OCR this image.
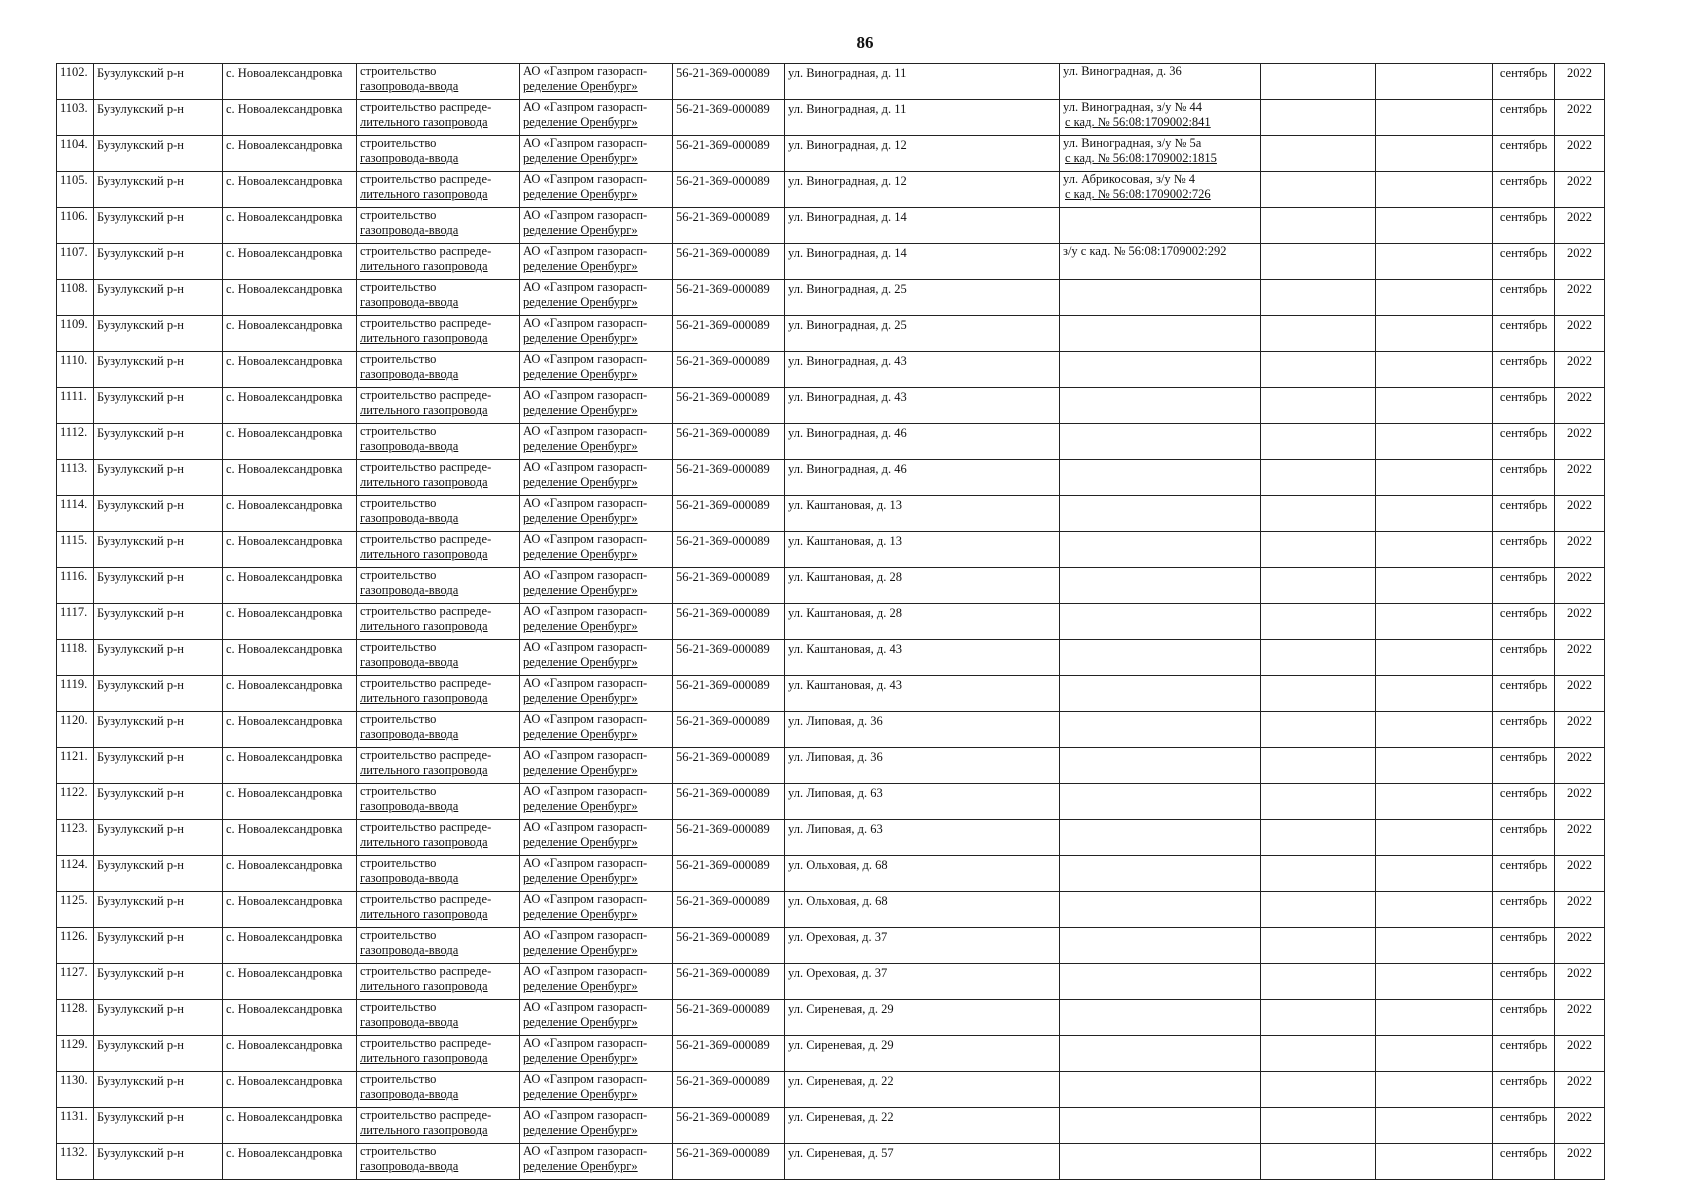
86
1102.	Бузулукский р-н	с. Новоалександровка	строительство
газопровода-ввода	АО «Газпром газорасп-
ределение Оренбург»	56-21-369-000089	ул. Виноградная, д. 11	ул. Виноградная, д. 36			сентябрь	2022
1103.	Бузулукский р-н	с. Новоалександровка	строительство распреде-
лительного газопровода	АО «Газпром газорасп-
ределение Оренбург»	56-21-369-000089	ул. Виноградная, д. 11	ул. Виноградная, з/у № 44
с кад. № 56:08:1709002:841			сентябрь	2022
1104.	Бузулукский р-н	с. Новоалександровка	строительство
газопровода-ввода	АО «Газпром газорасп-
ределение Оренбург»	56-21-369-000089	ул. Виноградная, д. 12	ул. Виноградная, з/у № 5а
с кад. № 56:08:1709002:1815			сентябрь	2022
1105.	Бузулукский р-н	с. Новоалександровка	строительство распреде-
лительного газопровода	АО «Газпром газорасп-
ределение Оренбург»	56-21-369-000089	ул. Виноградная, д. 12	ул. Абрикосовая, з/у № 4
с кад. № 56:08:1709002:726			сентябрь	2022
1106.	Бузулукский р-н	с. Новоалександровка	строительство
газопровода-ввода	АО «Газпром газорасп-
ределение Оренбург»	56-21-369-000089	ул. Виноградная, д. 14				сентябрь	2022
1107.	Бузулукский р-н	с. Новоалександровка	строительство распреде-
лительного газопровода	АО «Газпром газорасп-
ределение Оренбург»	56-21-369-000089	ул. Виноградная, д. 14	з/у с кад. № 56:08:1709002:292			сентябрь	2022
1108.	Бузулукский р-н	с. Новоалександровка	строительство
газопровода-ввода	АО «Газпром газорасп-
ределение Оренбург»	56-21-369-000089	ул. Виноградная, д. 25				сентябрь	2022
1109.	Бузулукский р-н	с. Новоалександровка	строительство распреде-
лительного газопровода	АО «Газпром газорасп-
ределение Оренбург»	56-21-369-000089	ул. Виноградная, д. 25				сентябрь	2022
1110.	Бузулукский р-н	с. Новоалександровка	строительство
газопровода-ввода	АО «Газпром газорасп-
ределение Оренбург»	56-21-369-000089	ул. Виноградная, д. 43				сентябрь	2022
1111.	Бузулукский р-н	с. Новоалександровка	строительство распреде-
лительного газопровода	АО «Газпром газорасп-
ределение Оренбург»	56-21-369-000089	ул. Виноградная, д. 43				сентябрь	2022
1112.	Бузулукский р-н	с. Новоалександровка	строительство
газопровода-ввода	АО «Газпром газорасп-
ределение Оренбург»	56-21-369-000089	ул. Виноградная, д. 46				сентябрь	2022
1113.	Бузулукский р-н	с. Новоалександровка	строительство распреде-
лительного газопровода	АО «Газпром газорасп-
ределение Оренбург»	56-21-369-000089	ул. Виноградная, д. 46				сентябрь	2022
1114.	Бузулукский р-н	с. Новоалександровка	строительство
газопровода-ввода	АО «Газпром газорасп-
ределение Оренбург»	56-21-369-000089	ул. Каштановая, д. 13				сентябрь	2022
1115.	Бузулукский р-н	с. Новоалександровка	строительство распреде-
лительного газопровода	АО «Газпром газорасп-
ределение Оренбург»	56-21-369-000089	ул. Каштановая, д. 13				сентябрь	2022
1116.	Бузулукский р-н	с. Новоалександровка	строительство
газопровода-ввода	АО «Газпром газорасп-
ределение Оренбург»	56-21-369-000089	ул. Каштановая, д. 28				сентябрь	2022
1117.	Бузулукский р-н	с. Новоалександровка	строительство распреде-
лительного газопровода	АО «Газпром газорасп-
ределение Оренбург»	56-21-369-000089	ул. Каштановая, д. 28				сентябрь	2022
1118.	Бузулукский р-н	с. Новоалександровка	строительство
газопровода-ввода	АО «Газпром газорасп-
ределение Оренбург»	56-21-369-000089	ул. Каштановая, д. 43				сентябрь	2022
1119.	Бузулукский р-н	с. Новоалександровка	строительство распреде-
лительного газопровода	АО «Газпром газорасп-
ределение Оренбург»	56-21-369-000089	ул. Каштановая, д. 43				сентябрь	2022
1120.	Бузулукский р-н	с. Новоалександровка	строительство
газопровода-ввода	АО «Газпром газорасп-
ределение Оренбург»	56-21-369-000089	ул. Липовая, д. 36				сентябрь	2022
1121.	Бузулукский р-н	с. Новоалександровка	строительство распреде-
лительного газопровода	АО «Газпром газорасп-
ределение Оренбург»	56-21-369-000089	ул. Липовая, д. 36				сентябрь	2022
1122.	Бузулукский р-н	с. Новоалександровка	строительство
газопровода-ввода	АО «Газпром газорасп-
ределение Оренбург»	56-21-369-000089	ул. Липовая, д. 63				сентябрь	2022
1123.	Бузулукский р-н	с. Новоалександровка	строительство распреде-
лительного газопровода	АО «Газпром газорасп-
ределение Оренбург»	56-21-369-000089	ул. Липовая, д. 63				сентябрь	2022
1124.	Бузулукский р-н	с. Новоалександровка	строительство
газопровода-ввода	АО «Газпром газорасп-
ределение Оренбург»	56-21-369-000089	ул. Ольховая, д. 68				сентябрь	2022
1125.	Бузулукский р-н	с. Новоалександровка	строительство распреде-
лительного газопровода	АО «Газпром газорасп-
ределение Оренбург»	56-21-369-000089	ул. Ольховая, д. 68				сентябрь	2022
1126.	Бузулукский р-н	с. Новоалександровка	строительство
газопровода-ввода	АО «Газпром газорасп-
ределение Оренбург»	56-21-369-000089	ул. Ореховая, д. 37				сентябрь	2022
1127.	Бузулукский р-н	с. Новоалександровка	строительство распреде-
лительного газопровода	АО «Газпром газорасп-
ределение Оренбург»	56-21-369-000089	ул. Ореховая, д. 37				сентябрь	2022
1128.	Бузулукский р-н	с. Новоалександровка	строительство
газопровода-ввода	АО «Газпром газорасп-
ределение Оренбург»	56-21-369-000089	ул. Сиреневая, д. 29				сентябрь	2022
1129.	Бузулукский р-н	с. Новоалександровка	строительство распреде-
лительного газопровода	АО «Газпром газорасп-
ределение Оренбург»	56-21-369-000089	ул. Сиреневая, д. 29				сентябрь	2022
1130.	Бузулукский р-н	с. Новоалександровка	строительство
газопровода-ввода	АО «Газпром газорасп-
ределение Оренбург»	56-21-369-000089	ул. Сиреневая, д. 22				сентябрь	2022
1131.	Бузулукский р-н	с. Новоалександровка	строительство распреде-
лительного газопровода	АО «Газпром газорасп-
ределение Оренбург»	56-21-369-000089	ул. Сиреневая, д. 22				сентябрь	2022
1132.	Бузулукский р-н	с. Новоалександровка	строительство
газопровода-ввода	АО «Газпром газорасп-
ределение Оренбург»	56-21-369-000089	ул. Сиреневая, д. 57				сентябрь	2022
